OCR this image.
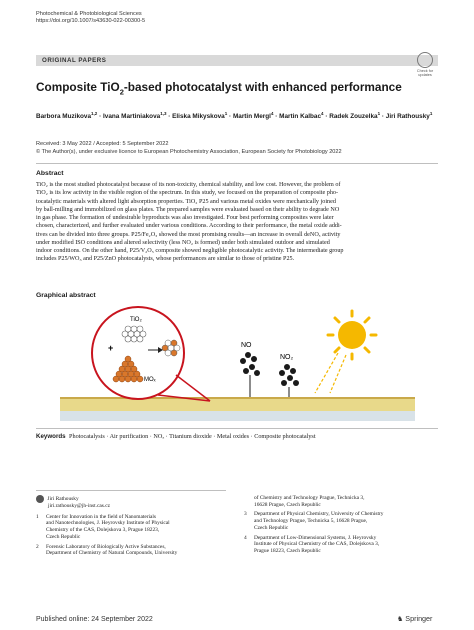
Photochemical & Photobiological Sciences
https://doi.org/10.1007/s43630-022-00300-5
ORIGINAL PAPERS
Check for
updates
Composite TiO$_2$-based photocatalyst with enhanced performance
Barbora Muzikova$^{1,2}$ · Ivana Martiniakova$^{1,3}$ · Eliska Mikyskova$^1$ · Martin Mergl$^4$ · Martin Kalbac$^4$ · Radek Zouzelka$^1$ · Jiri Rathousky$^1$
Received: 3 May 2022 / Accepted: 5 September 2022
© The Author(s), under exclusive licence to European Photochemistry Association, European Society for Photobiology 2022
Abstract
TiO₂ is the most studied photocatalyst because of its non-toxicity, chemical stability, and low cost. However, the problem of
TiO₂ is its low activity in the visible region of the spectrum. In this study, we focused on the preparation of composite pho-
tocatalytic materials with altered light absorption properties. TiO₂ P25 and various metal oxides were mechanically joined
by ball-milling and immobilized on glass plates. The prepared samples were evaluated based on their ability to degrade NO
in gas phase. The formation of undesirable byproducts was also investigated. Four best performing composites were later
chosen, characterized, and further evaluated under various conditions. According to their performance, the metal oxide addi-
tives can be divided into three groups. P25/Fe₂O₃ showed the most promising results—an increase in overall deNOₓ activity
under modified ISO conditions and altered selectivity (less NO₂ is formed) under both simulated outdoor and simulated
indoor conditions. On the other hand, P25/V₂O₅ composite showed negligible photocatalytic activity. The intermediate group
includes P25/WO₃ and P25/ZnO photocatalysts, whose performances are similar to those of pristine P25.
Graphical abstract
TiO₂
+
MOₓ
NO
NO₂
Keywords Photocatalysis · Air purification · NOₓ · Titanium dioxide · Metal oxides · Composite photocatalyst
Jiri Rathousky
jiri.rathousky@jh-inst.cas.cz
1	Center for Innovation in the field of Nanomaterials
and Nanotechnologies, J. Heyrovsky Institute of Physical
Chemistry of the CAS, Dolejskova 3, Prague 18223,
Czech Republic
2	Forensic Laboratory of Biologically Active Substances,
Department of Chemistry of Natural Compounds, University
of Chemistry and Technology Prague, Technicka 3,
16628 Prague, Czech Republic
3	Department of Physical Chemistry, University of Chemistry
and Technology Prague, Technicka 5, 16628 Prague,
Czech Republic
4	Department of Low-Dimensional Systems, J. Heyrovsky
Institute of Physical Chemistry of the CAS, Dolejskova 3,
Prague 18223, Czech Republic
Published online: 24 September 2022	♞ Springer
